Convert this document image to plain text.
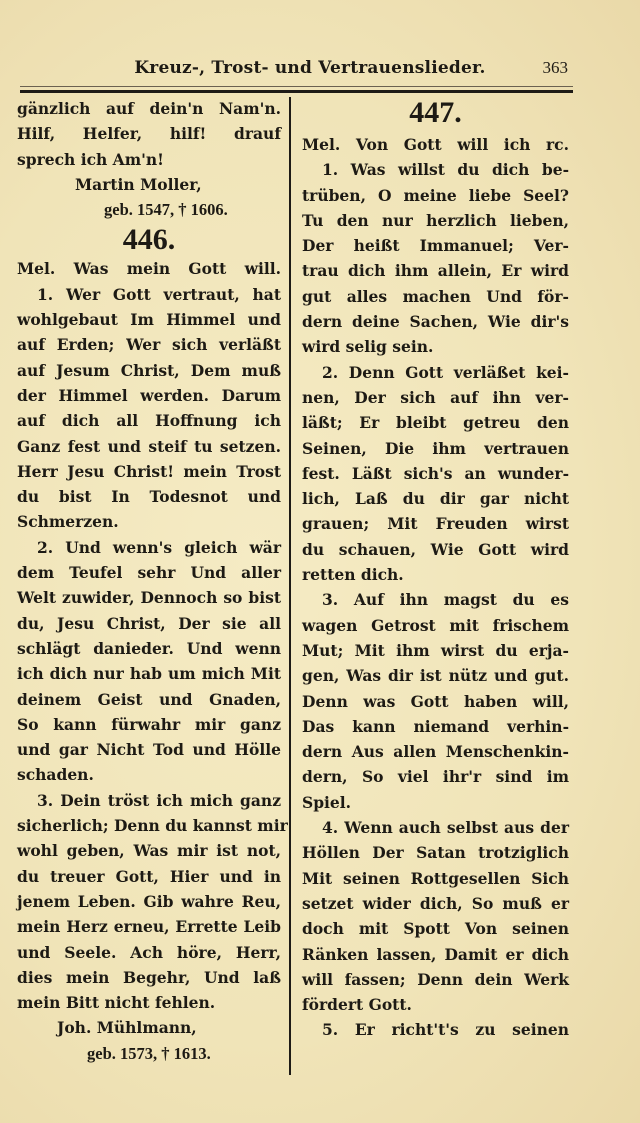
Kreuz-, Trost- und Vertrauenslieder.	363
gänzlich auf dein'n Nam'n.
Hilf, Helfer, hilf! drauf
sprech ich Am'n!
Martin Moller,
geb. 1547, † 1606.
446.
Mel. Was mein Gott will.
1. Wer Gott vertraut, hat
wohlgebaut Im Himmel und
auf Erden; Wer sich verläßt
auf Jesum Christ, Dem muß
der Himmel werden. Darum
auf dich all Hoffnung ich
Ganz fest und steif tu setzen.
Herr Jesu Christ! mein Trost
du bist In Todesnot und
Schmerzen.
2. Und wenn's gleich wär
dem Teufel sehr Und aller
Welt zuwider, Dennoch so bist
du, Jesu Christ, Der sie all
schlägt danieder. Und wenn
ich dich nur hab um mich Mit
deinem Geist und Gnaden,
So kann fürwahr mir ganz
und gar Nicht Tod und Hölle
schaden.
3. Dein tröst ich mich ganz
sicherlich; Denn du kannst mir
wohl geben, Was mir ist not,
du treuer Gott, Hier und in
jenem Leben. Gib wahre Reu,
mein Herz erneu, Errette Leib
und Seele. Ach höre, Herr,
dies mein Begehr, Und laß
mein Bitt nicht fehlen.
Joh. Mühlmann,
geb. 1573, † 1613.
447.
Mel. Von Gott will ich rc.
1. Was willst du dich be-
trüben, O meine liebe Seel?
Tu den nur herzlich lieben,
Der heißt Immanuel; Ver-
trau dich ihm allein, Er wird
gut alles machen Und för-
dern deine Sachen, Wie dir's
wird selig sein.
2. Denn Gott verläßet kei-
nen, Der sich auf ihn ver-
läßt; Er bleibt getreu den
Seinen, Die ihm vertrauen
fest. Läßt sich's an wunder-
lich, Laß du dir gar nicht
grauen; Mit Freuden wirst
du schauen, Wie Gott wird
retten dich.
3. Auf ihn magst du es
wagen Getrost mit frischem
Mut; Mit ihm wirst du erja-
gen, Was dir ist nütz und gut.
Denn was Gott haben will,
Das kann niemand verhin-
dern Aus allen Menschenkin-
dern, So viel ihr'r sind im
Spiel.
4. Wenn auch selbst aus der
Höllen Der Satan trotziglich
Mit seinen Rottgesellen Sich
setzet wider dich, So muß er
doch mit Spott Von seinen
Ränken lassen, Damit er dich
will fassen; Denn dein Werk
fördert Gott.
5. Er richt't's zu seinen
